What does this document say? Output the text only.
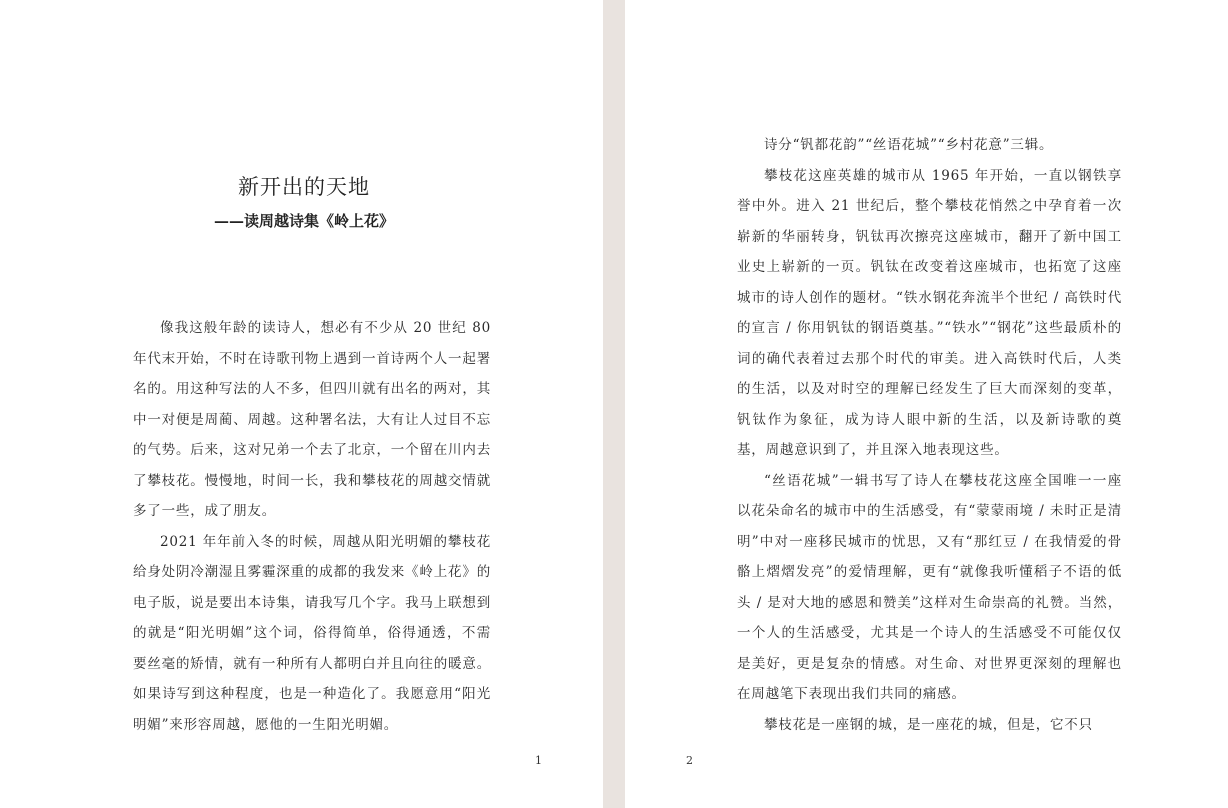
新开出的天地
——读周越诗集《岭上花》

像我这般年龄的读诗人，想必有不少从 20 世纪 80 年代末开始，不时在诗歌刊物上遇到一首诗两个人一起署名的。用这种写法的人不多，但四川就有出名的两对，其中一对便是周蔺、周越。这种署名法，大有让人过目不忘的气势。后来，这对兄弟一个去了北京，一个留在川内去了攀枝花。慢慢地，时间一长，我和攀枝花的周越交情就多了一些，成了朋友。

2021 年年前入冬的时候，周越从阳光明媚的攀枝花给身处阴冷潮湿且雾霾深重的成都的我发来《岭上花》的电子版，说是要出本诗集，请我写几个字。我马上联想到的就是“阳光明媚”这个词，俗得简单，俗得通透，不需要丝毫的矫情，就有一种所有人都明白并且向往的暖意。如果诗写到这种程度，也是一种造化了。我愿意用“阳光明媚”来形容周越，愿他的一生阳光明媚。

1	2

诗分“钒都花韵”“丝语花城”“乡村花意”三辑。

攀枝花这座英雄的城市从 1965 年开始，一直以钢铁享誉中外。进入 21 世纪后，整个攀枝花悄然之中孕育着一次崭新的华丽转身，钒钛再次擦亮这座城市，翻开了新中国工业史上崭新的一页。钒钛在改变着这座城市，也拓宽了这座城市的诗人创作的题材。“铁水钢花奔流半个世纪 / 高铁时代的宣言 / 你用钒钛的钢语奠基。”“铁水”“钢花”这些最质朴的词的确代表着过去那个时代的审美。进入高铁时代后，人类的生活，以及对时空的理解已经发生了巨大而深刻的变革，钒钛作为象征，成为诗人眼中新的生活，以及新诗歌的奠基，周越意识到了，并且深入地表现这些。

“丝语花城”一辑书写了诗人在攀枝花这座全国唯一一座以花朵命名的城市中的生活感受，有“蒙蒙雨境 / 未时正是清明”中对一座移民城市的忧思，又有“那红豆 / 在我情爱的骨骼上熠熠发亮”的爱情理解，更有“就像我听懂稻子不语的低头 / 是对大地的感恩和赞美”这样对生命崇高的礼赞。当然，一个人的生活感受，尤其是一个诗人的生活感受不可能仅仅是美好，更是复杂的情感。对生命、对世界更深刻的理解也在周越笔下表现出我们共同的痛感。

攀枝花是一座钢的城，是一座花的城，但是，它不只
